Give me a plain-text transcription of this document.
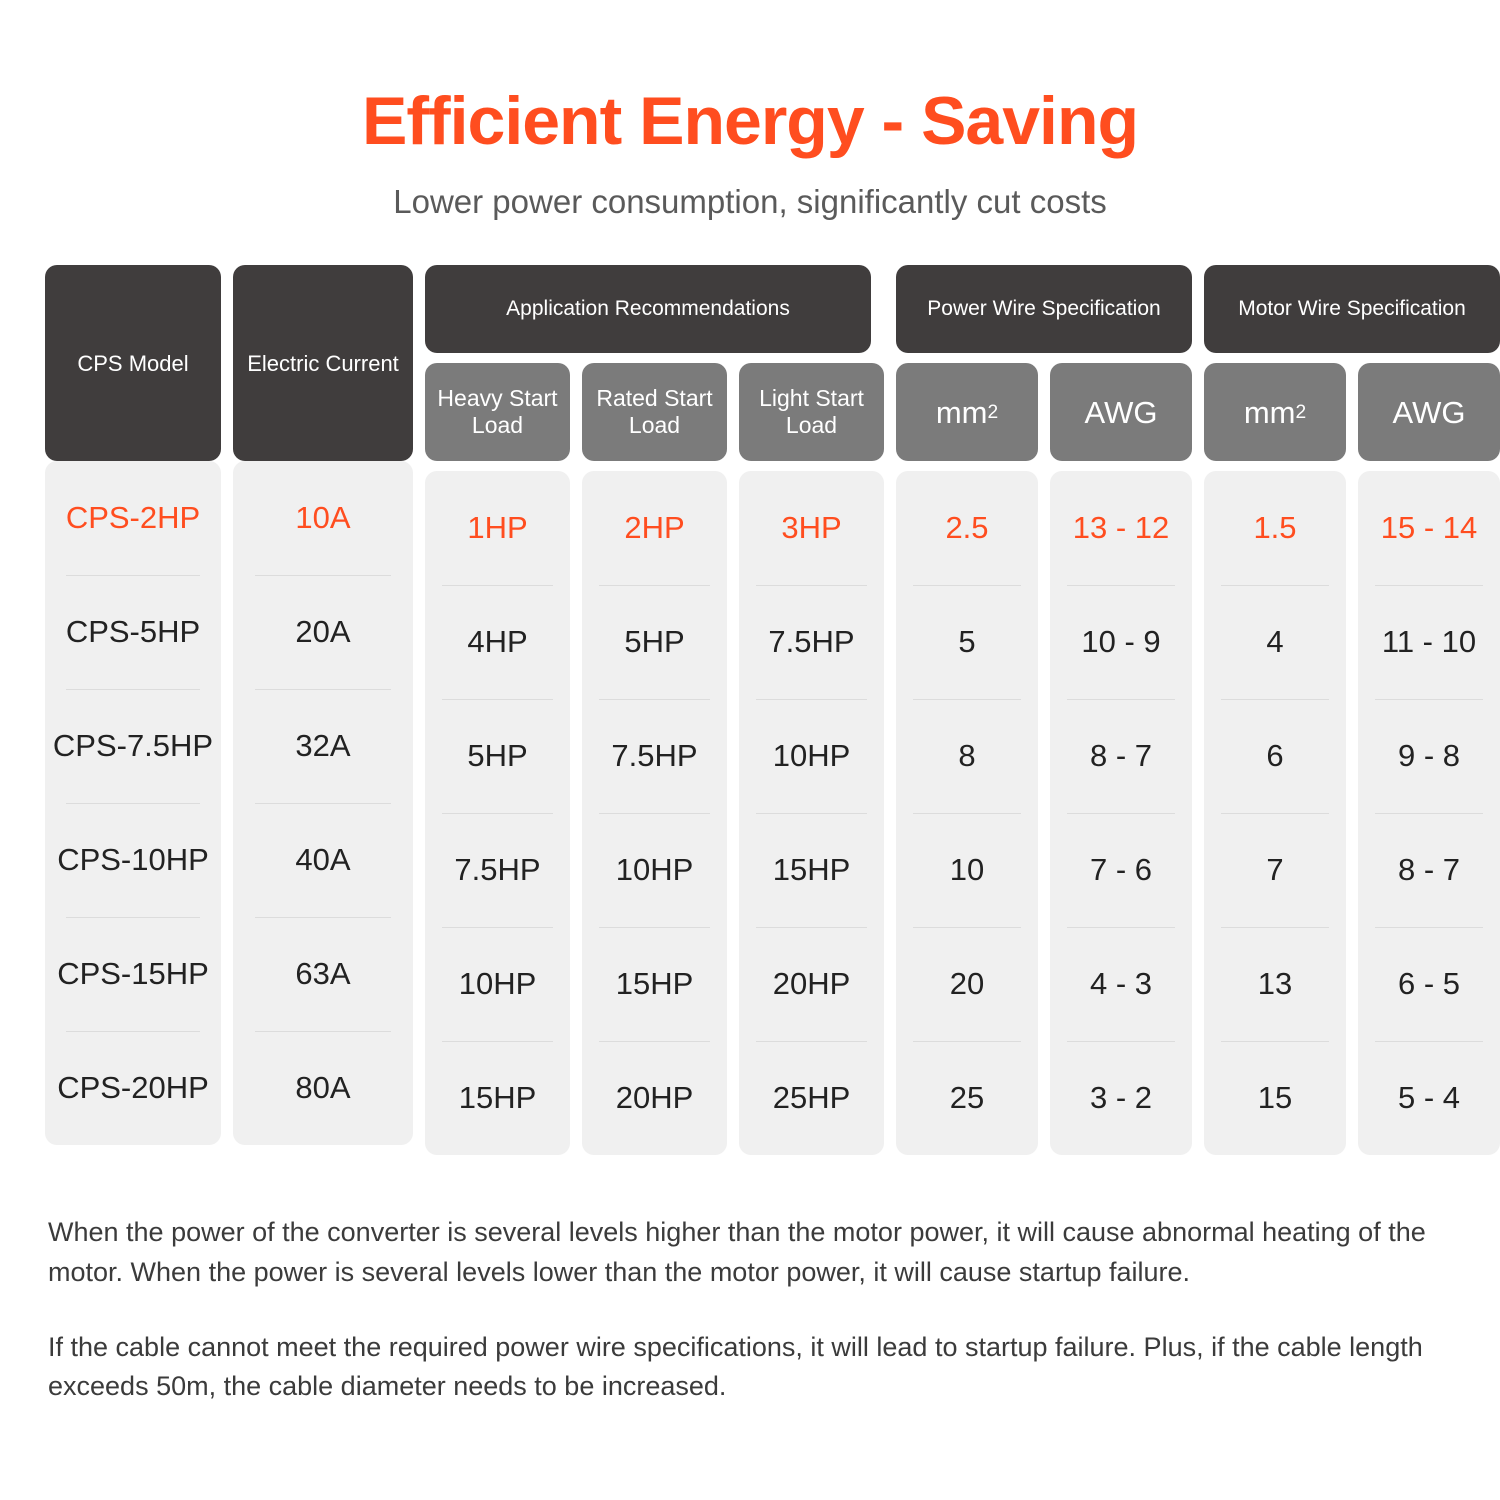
Efficient Energy - Saving
Lower power consumption, significantly cut costs
CPS Model
CPS-2HP
CPS-5HP
CPS-7.5HP
CPS-10HP
CPS-15HP
CPS-20HP
Electric Current
10A
20A
32A
40A
63A
80A
Application Recommendations
Heavy Start Load
Rated Start Load
Light Start Load
1HP
4HP
5HP
7.5HP
10HP
15HP
2HP
5HP
7.5HP
10HP
15HP
20HP
3HP
7.5HP
10HP
15HP
20HP
25HP
Power Wire Specification
mm 2	AWG
2.5
5
8
10
20
25
13 - 12
10 - 9
8 - 7
7 - 6
4 - 3
3 - 2
Motor Wire Specification
mm 2	AWG
1.5
4
6
7
13
15
15 - 14
11 - 10
9 - 8
8 - 7
6 - 5
5 - 4
When the power of the converter is several levels higher than the motor power, it will cause abnormal heating of the motor. When the power is several levels lower than the motor power, it will cause startup failure.
If the cable cannot meet the required power wire specifications, it will lead to startup failure. Plus, if the cable length exceeds 50m, the cable diameter needs to be increased.
